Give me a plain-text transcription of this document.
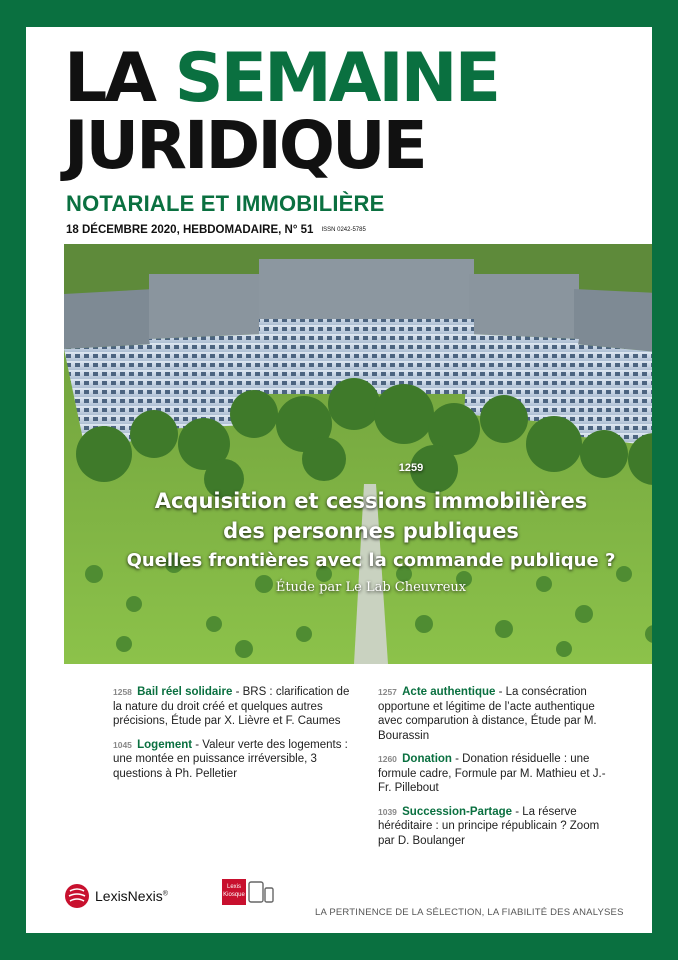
LA SEMAINE
JURIDIQUE
NOTARIALE ET IMMOBILIÈRE
18 DÉCEMBRE 2020, HEBDOMADAIRE, N° 51 ISSN 0242-5785
1259
Acquisition et cessions immobilières
des personnes publiques
Quelles frontières avec la commande publique ?
Étude par Le Lab Cheuvreux
1258 Bail réel solidaire - BRS : clarification de la nature du droit créé et quelques autres précisions, Étude par X. Lièvre et F. Caumes
1045 Logement - Valeur verte des logements : une montée en puissance irréversible, 3 questions à Ph. Pelletier
1257 Acte authentique - La consécration opportune et légitime de l’acte authentique avec comparution à distance, Étude par M. Bourassin
1260 Donation - Donation résiduelle : une formule cadre, Formule par M. Mathieu et J.-Fr. Pillebout
1039 Succession-Partage - La réserve héréditaire : un principe républicain ? Zoom par D. Boulanger
LexisNexis®
Lexis
Kiosque
LA PERTINENCE DE LA SÉLECTION, LA FIABILITÉ DES ANALYSES
